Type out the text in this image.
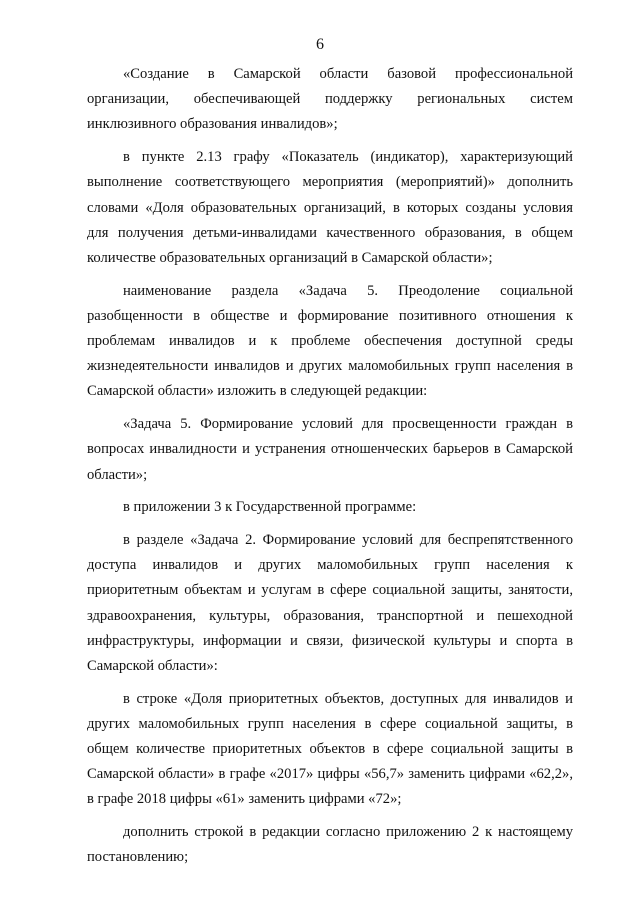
6

«Создание в Самарской области базовой профессиональной организации, обеспечивающей поддержку региональных систем инклюзивного образования инвалидов»;

в пункте 2.13 графу «Показатель (индикатор), характеризующий выполнение соответствующего мероприятия (мероприятий)» дополнить словами «Доля образовательных организаций, в которых созданы условия для получения детьми-инвалидами качественного образования, в общем количестве образовательных организаций в Самарской области»;

наименование раздела «Задача 5. Преодоление социальной разобщенности в обществе и формирование позитивного отношения к проблемам инвалидов и к проблеме обеспечения доступной среды жизнедеятельности инвалидов и других маломобильных групп населения в Самарской области» изложить в следующей редакции:

«Задача 5. Формирование условий для просвещенности граждан в вопросах инвалидности и устранения отношенческих барьеров в Самарской области»;

в приложении 3 к Государственной программе:

в разделе «Задача 2. Формирование условий для беспрепятственного доступа инвалидов и других маломобильных групп населения к приоритетным объектам и услугам в сфере социальной защиты, занятости, здравоохранения, культуры, образования, транспортной и пешеходной инфраструктуры, информации и связи, физической культуры и спорта в Самарской области»:

в строке «Доля приоритетных объектов, доступных для инвалидов и других маломобильных групп населения в сфере социальной защиты, в общем количестве приоритетных объектов в сфере социальной защиты в Самарской области» в графе «2017» цифры «56,7» заменить цифрами «62,2», в графе 2018 цифры «61» заменить цифрами «72»;

дополнить строкой в редакции согласно приложению 2 к настоящему постановлению;
